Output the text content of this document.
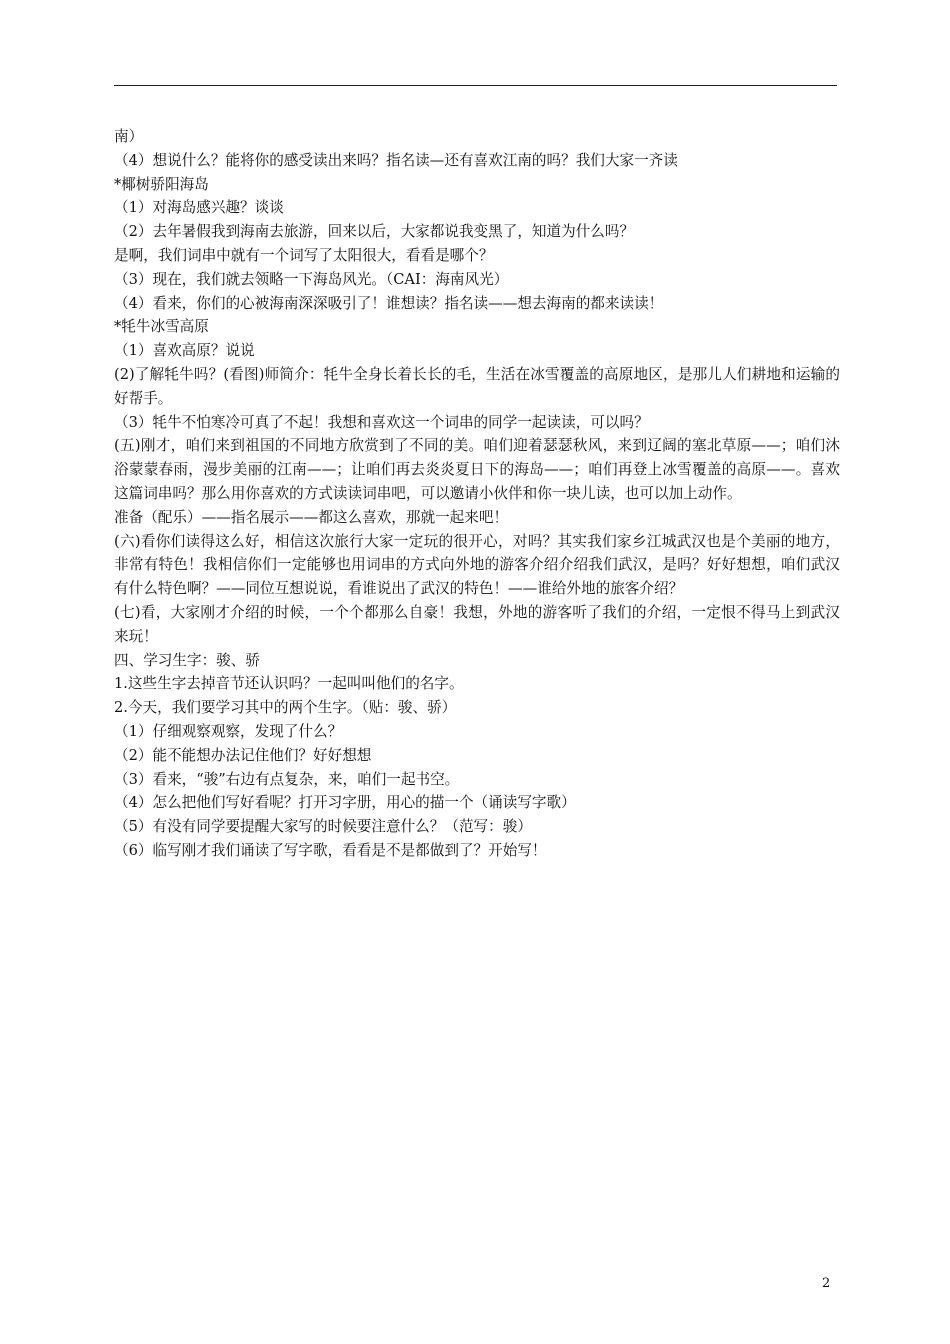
南）

（4）想说什么？能将你的感受读出来吗？指名读—还有喜欢江南的吗？我们大家一齐读

*椰树骄阳海岛

（1）对海岛感兴趣？谈谈

（2）去年暑假我到海南去旅游，回来以后，大家都说我变黑了，知道为什么吗？

是啊，我们词串中就有一个词写了太阳很大，看看是哪个？

（3）现在，我们就去领略一下海岛风光。（CAI：海南风光）

（4）看来，你们的心被海南深深吸引了！谁想读？指名读——想去海南的都来读读！

*牦牛冰雪高原

（1）喜欢高原？说说

(2)了解牦牛吗？(看图)师简介：牦牛全身长着长长的毛，生活在冰雪覆盖的高原地区，是那儿人们耕地和运输的好帮手。

（3）牦牛不怕寒冷可真了不起！我想和喜欢这一个词串的同学一起读读，可以吗？

(五)刚才，咱们来到祖国的不同地方欣赏到了不同的美。咱们迎着瑟瑟秋风，来到辽阔的塞北草原——；咱们沐浴蒙蒙春雨，漫步美丽的江南——；让咱们再去炎炎夏日下的海岛——；咱们再登上冰雪覆盖的高原——。喜欢这篇词串吗？那么用你喜欢的方式读读词串吧，可以邀请小伙伴和你一块儿读，也可以加上动作。

准备（配乐）——指名展示——都这么喜欢，那就一起来吧！

(六)看你们读得这么好，相信这次旅行大家一定玩的很开心，对吗？其实我们家乡江城武汉也是个美丽的地方，非常有特色！我相信你们一定能够也用词串的方式向外地的游客介绍介绍我们武汉，是吗？好好想想，咱们武汉有什么特色啊？——同位互想说说，看谁说出了武汉的特色！——谁给外地的旅客介绍？

(七)看，大家刚才介绍的时候，一个个都那么自豪！我想，外地的游客听了我们的介绍，一定恨不得马上到武汉来玩！

四、学习生字：骏、骄

1.这些生字去掉音节还认识吗？一起叫叫他们的名字。

2.今天，我们要学习其中的两个生字。（贴：骏、骄）

（1）仔细观察观察，发现了什么？

（2）能不能想办法记住他们？好好想想

（3）看来，“骏”右边有点复杂，来，咱们一起书空。

（4）怎么把他们写好看呢？打开习字册，用心的描一个（诵读写字歌）

（5）有没有同学要提醒大家写的时候要注意什么？（范写：骏）

（6）临写刚才我们诵读了写字歌，看看是不是都做到了？开始写！

2
